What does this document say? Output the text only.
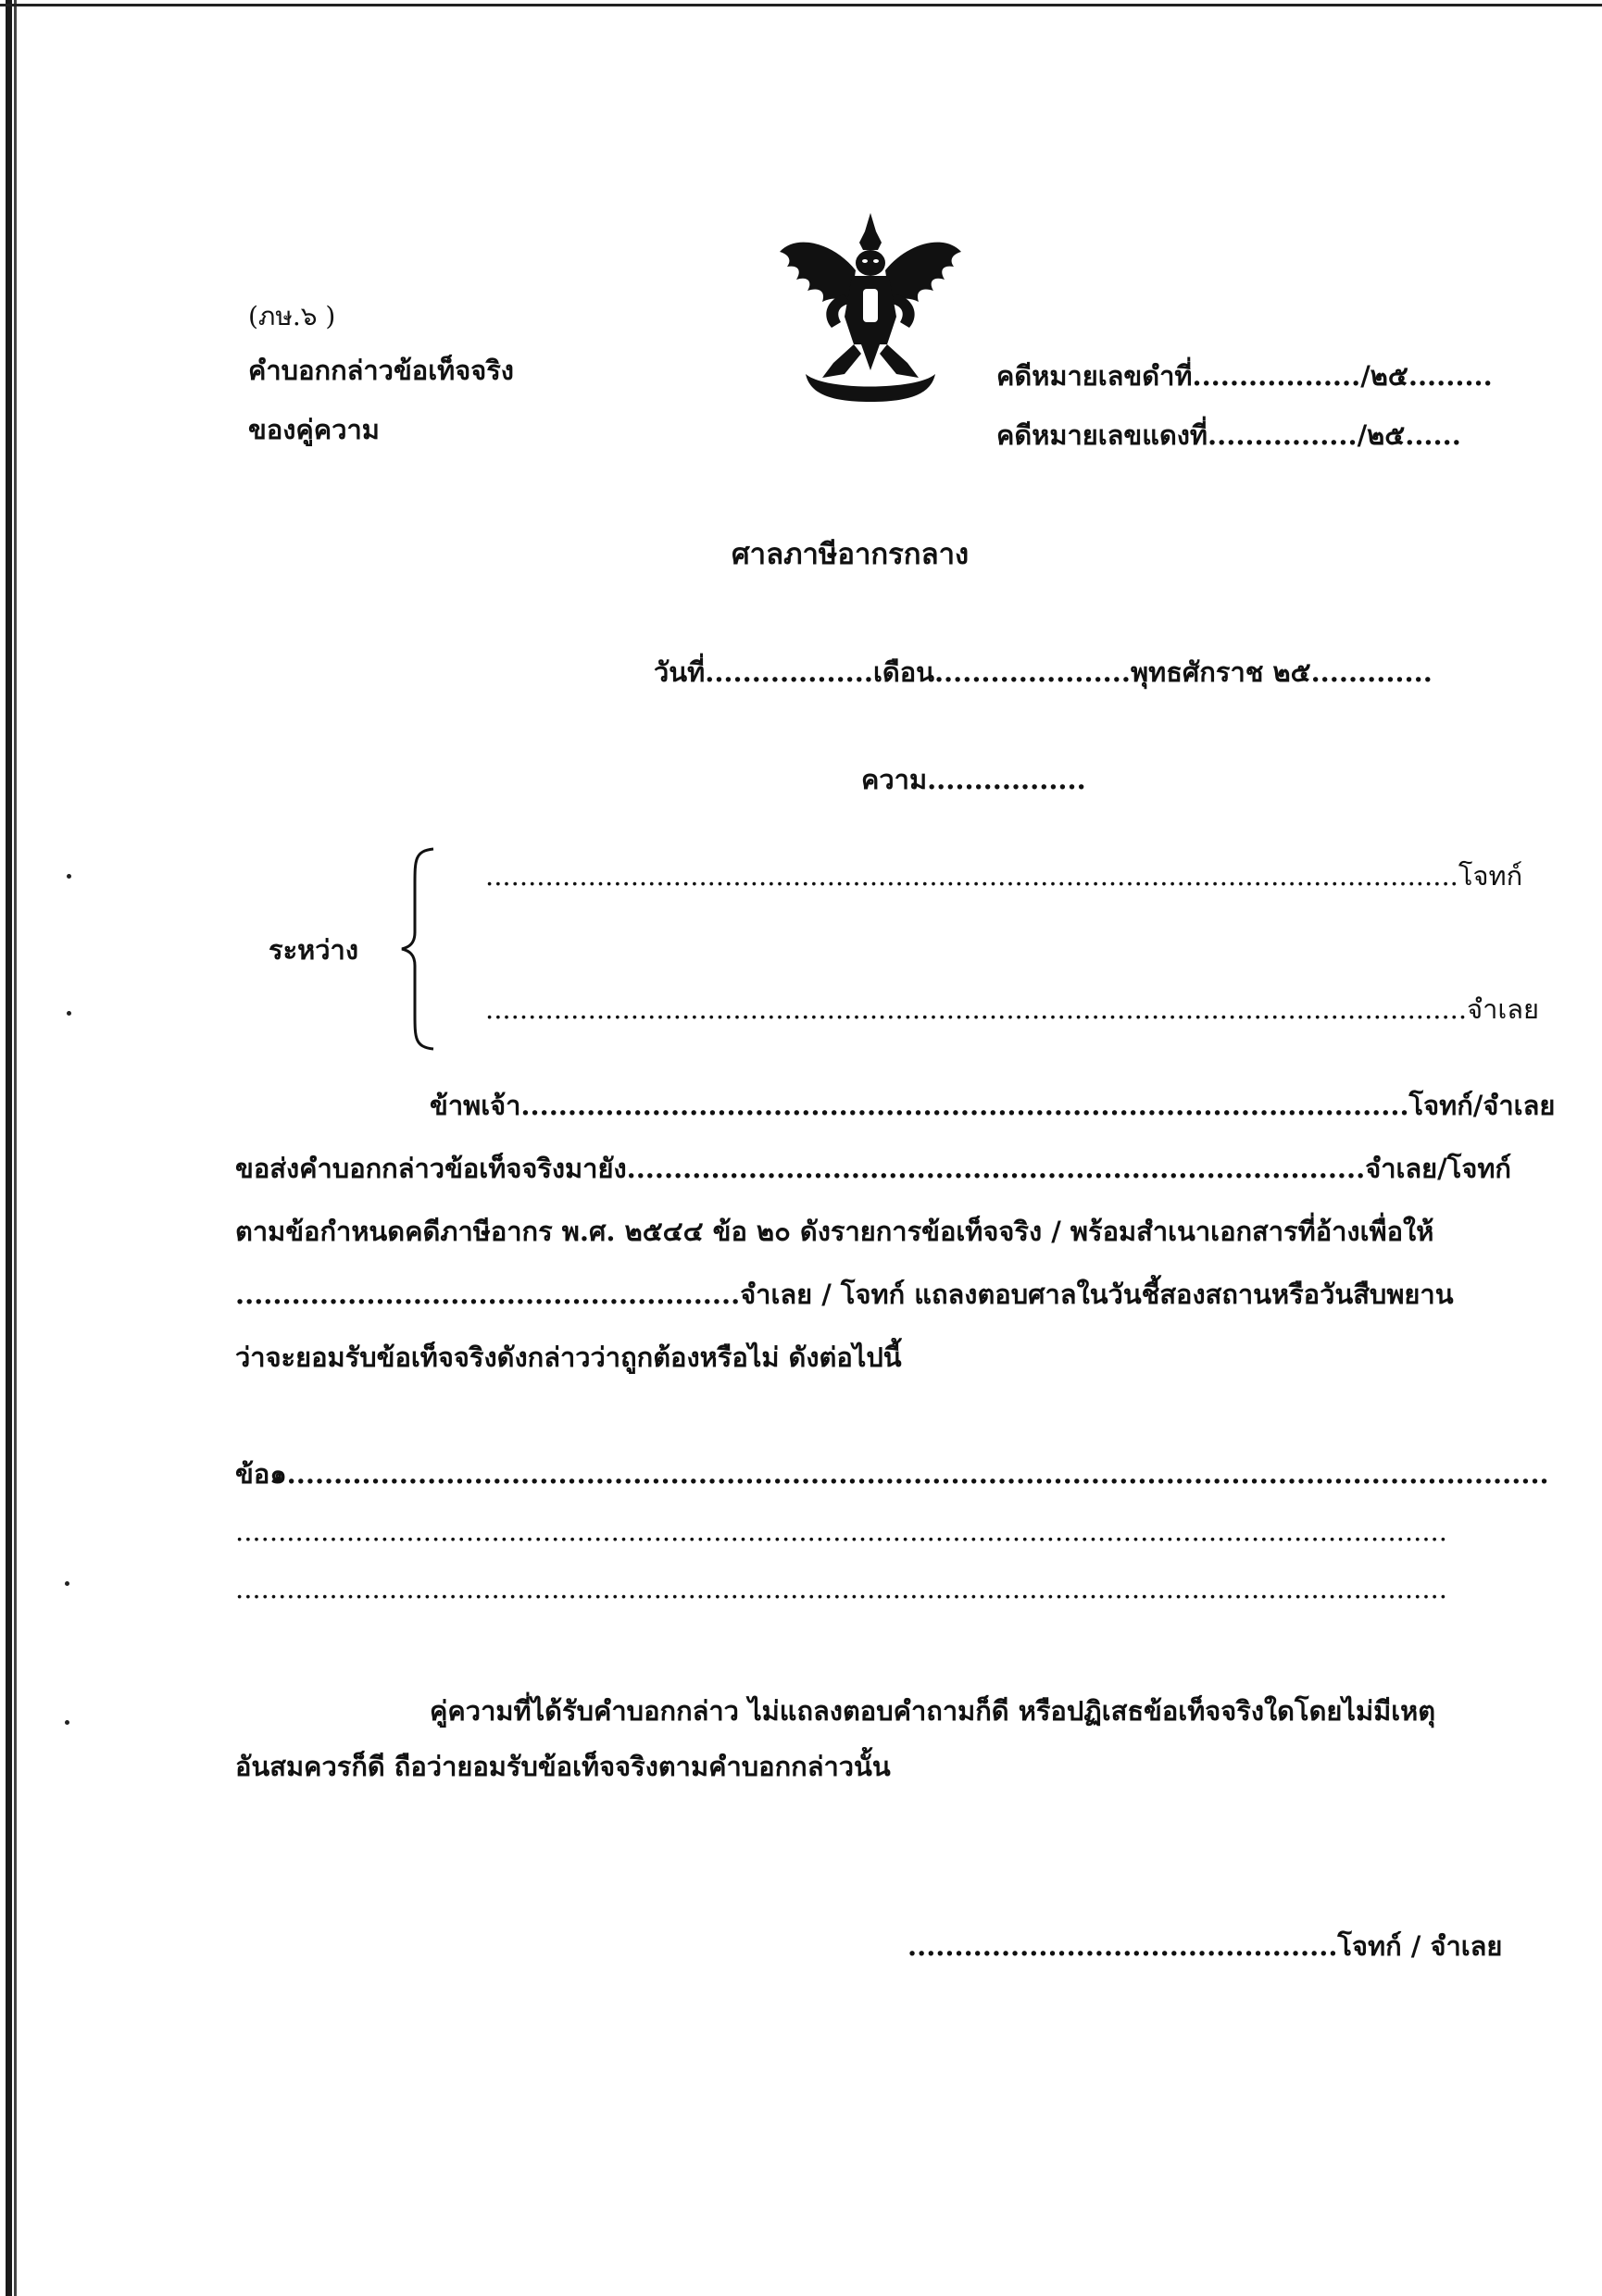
(ภษ.๖ )
คำบอกกล่าวข้อเท็จจริง
ของคู่ความ
คดีหมายเลขดำที่................../๒๕.........
คดีหมายเลขแดงที่................/๒๕......
ศาลภาษีอากรกลาง
วันที่..................เดือน.....................พุทธศักราช ๒๕.............
ความ.................
ระหว่าง
..................................................................................................................โจทก์
...................................................................................................................จำเลย
ข้าพเจ้า...............................................................................................โจทก์/จำเลย
ขอส่งคำบอกกล่าวข้อเท็จจริงมายัง...............................................................................จำเลย/โจทก์
ตามข้อกำหนดคดีภาษีอากร พ.ศ. ๒๕๔๔ ข้อ ๒๐ ดังรายการข้อเท็จจริง / พร้อมสำเนาเอกสารที่อ้างเพื่อให้
......................................................จำเลย / โจทก์ แถลงตอบศาลในวันชี้สองสถานหรือวันสืบพยาน
ว่าจะยอมรับข้อเท็จจริงดังกล่าวว่าถูกต้องหรือไม่ ดังต่อไปนี้
ข้อ๑.......................................................................................................................................
..............................................................................................................................................
..............................................................................................................................................
คู่ความที่ได้รับคำบอกกล่าว ไม่แถลงตอบคำถามก็ดี หรือปฏิเสธข้อเท็จจริงใดโดยไม่มีเหตุ
อันสมควรก็ดี ถือว่ายอมรับข้อเท็จจริงตามคำบอกกล่าวนั้น
..............................................โจทก์ / จำเลย
